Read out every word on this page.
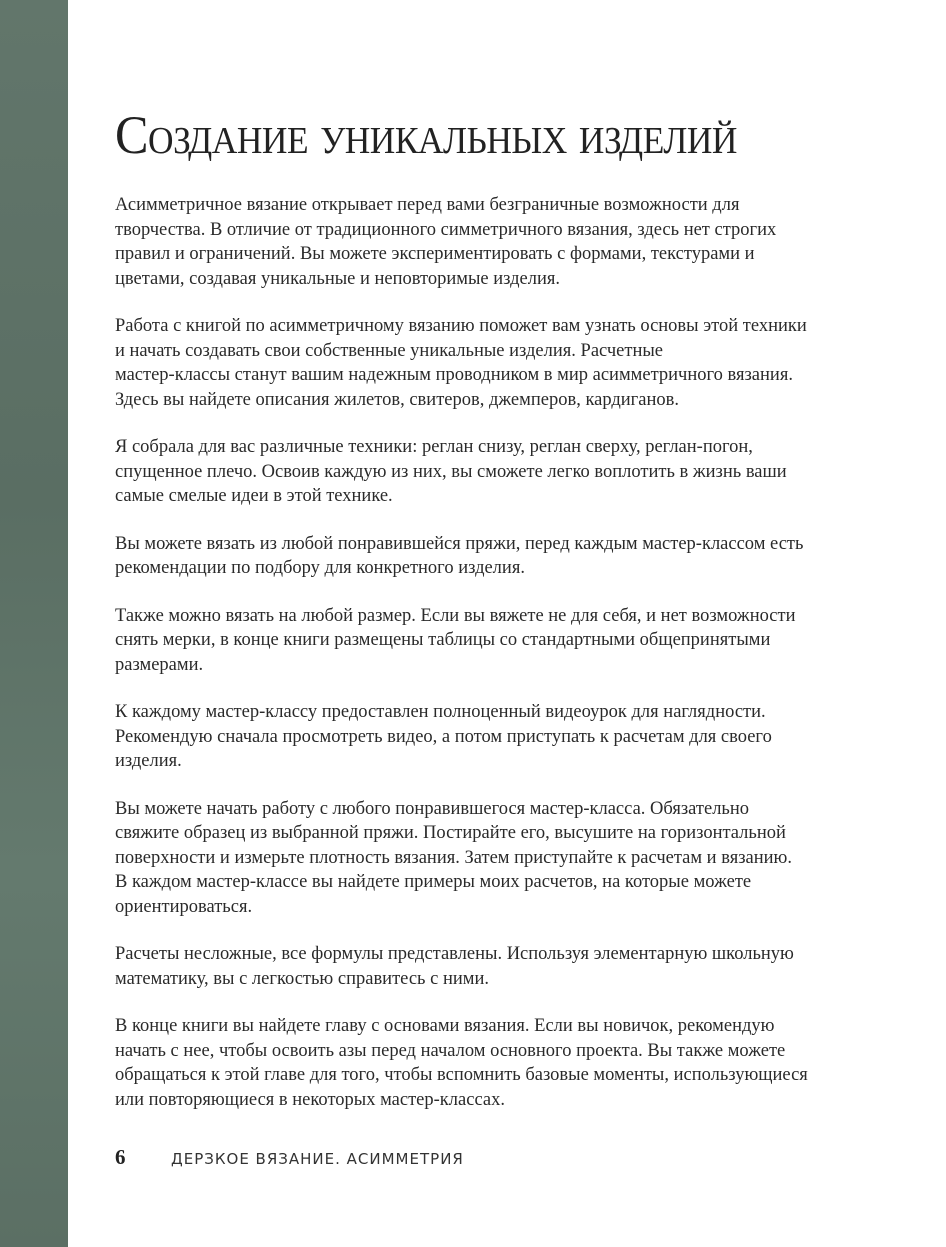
Создание уникальных изделий

Асимметричное вязание открывает перед вами безграничные возможности для
творчества. В отличие от традиционного симметричного вязания, здесь нет строгих
правил и ограничений. Вы можете экспериментировать с формами, текстурами и
цветами, создавая уникальные и неповторимые изделия.

Работа с книгой по асимметричному вязанию поможет вам узнать основы этой техники
и начать создавать свои собственные уникальные изделия. Расчетные
мастер-классы станут вашим надежным проводником в мир асимметричного вязания.
Здесь вы найдете описания жилетов, свитеров, джемперов, кардиганов.

Я собрала для вас различные техники: реглан снизу, реглан сверху, реглан-погон,
спущенное плечо. Освоив каждую из них, вы сможете легко воплотить в жизнь ваши
самые смелые идеи в этой технике.

Вы можете вязать из любой понравившейся пряжи, перед каждым мастер-классом есть
рекомендации по подбору для конкретного изделия.

Также можно вязать на любой размер. Если вы вяжете не для себя, и нет возможности
снять мерки, в конце книги размещены таблицы со стандартными общепринятыми
размерами.

К каждому мастер-классу предоставлен полноценный видеоурок для наглядности.
Рекомендую сначала просмотреть видео, а потом приступать к расчетам для своего
изделия.

Вы можете начать работу с любого понравившегося мастер-класса. Обязательно
свяжите образец из выбранной пряжи. Постирайте его, высушите на горизонтальной
поверхности и измерьте плотность вязания. Затем приступайте к расчетам и вязанию.
В каждом мастер-классе вы найдете примеры моих расчетов, на которые можете
ориентироваться.

Расчеты несложные, все формулы представлены. Используя элементарную школьную
математику, вы с легкостью справитесь с ними.

В конце книги вы найдете главу с основами вязания. Если вы новичок, рекомендую
начать с нее, чтобы освоить азы перед началом основного проекта. Вы также можете
обращаться к этой главе для того, чтобы вспомнить базовые моменты, использующиеся
или повторяющиеся в некоторых мастер-классах.

6	ДЕРЗКОЕ ВЯЗАНИЕ. АСИММЕТРИЯ
